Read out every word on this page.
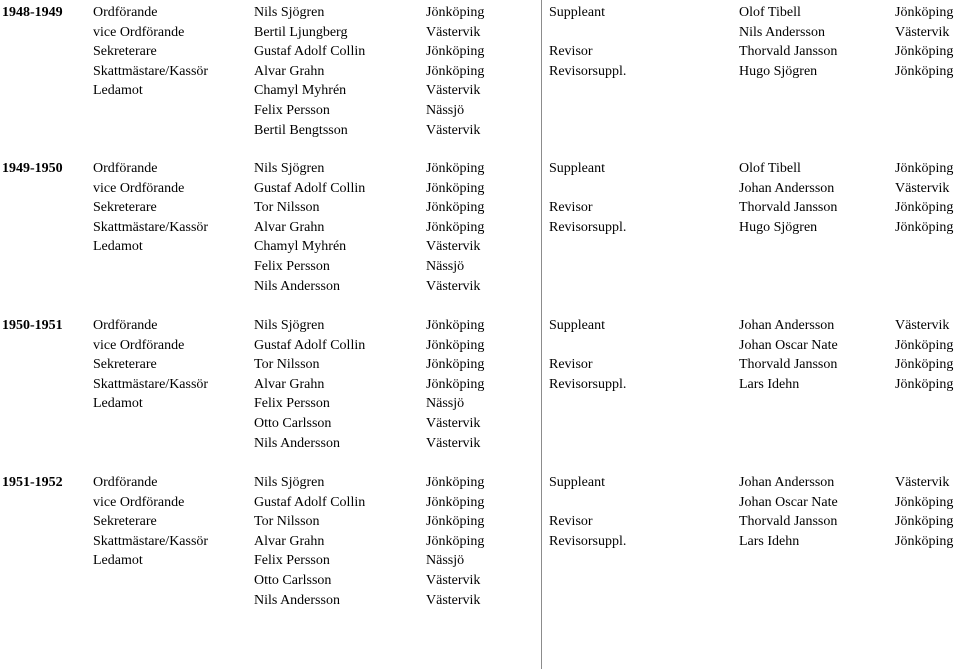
1948-1949 Ordförande	Nils Sjögren	Jönköping
vice Ordförande	Bertil Ljungberg	Västervik
Sekreterare	Gustaf Adolf Collin	Jönköping
Skattmästare/Kassör	Alvar Grahn	Jönköping
Ledamot	Chamyl Myhrén	Västervik
Felix Persson	Nässjö
Bertil Bengtsson	Västervik
Suppleant	Olof Tibell	Jönköping
Nils Andersson	Västervik
Revisor	Thorvald Jansson	Jönköping
Revisorsuppl.	Hugo Sjögren	Jönköping
1949-1950 Ordförande	Nils Sjögren	Jönköping
vice Ordförande	Gustaf Adolf Collin	Jönköping
Sekreterare	Tor Nilsson	Jönköping
Skattmästare/Kassör	Alvar Grahn	Jönköping
Ledamot	Chamyl Myhrén	Västervik
Felix Persson	Nässjö
Nils Andersson	Västervik
Suppleant	Olof Tibell	Jönköping
Johan Andersson	Västervik
Revisor	Thorvald Jansson	Jönköping
Revisorsuppl.	Hugo Sjögren	Jönköping
1950-1951 Ordförande	Nils Sjögren	Jönköping
vice Ordförande	Gustaf Adolf Collin	Jönköping
Sekreterare	Tor Nilsson	Jönköping
Skattmästare/Kassör	Alvar Grahn	Jönköping
Ledamot	Felix Persson	Nässjö
Otto Carlsson	Västervik
Nils Andersson	Västervik
Suppleant	Johan Andersson	Västervik
Johan Oscar Nate	Jönköping
Revisor	Thorvald Jansson	Jönköping
Revisorsuppl.	Lars Idehn	Jönköping
1951-1952 Ordförande	Nils Sjögren	Jönköping
vice Ordförande	Gustaf Adolf Collin	Jönköping
Sekreterare	Tor Nilsson	Jönköping
Skattmästare/Kassör	Alvar Grahn	Jönköping
Ledamot	Felix Persson	Nässjö
Otto Carlsson	Västervik
Nils Andersson	Västervik
Suppleant	Johan Andersson	Västervik
Johan Oscar Nate	Jönköping
Revisor	Thorvald Jansson	Jönköping
Revisorsuppl.	Lars Idehn	Jönköping
